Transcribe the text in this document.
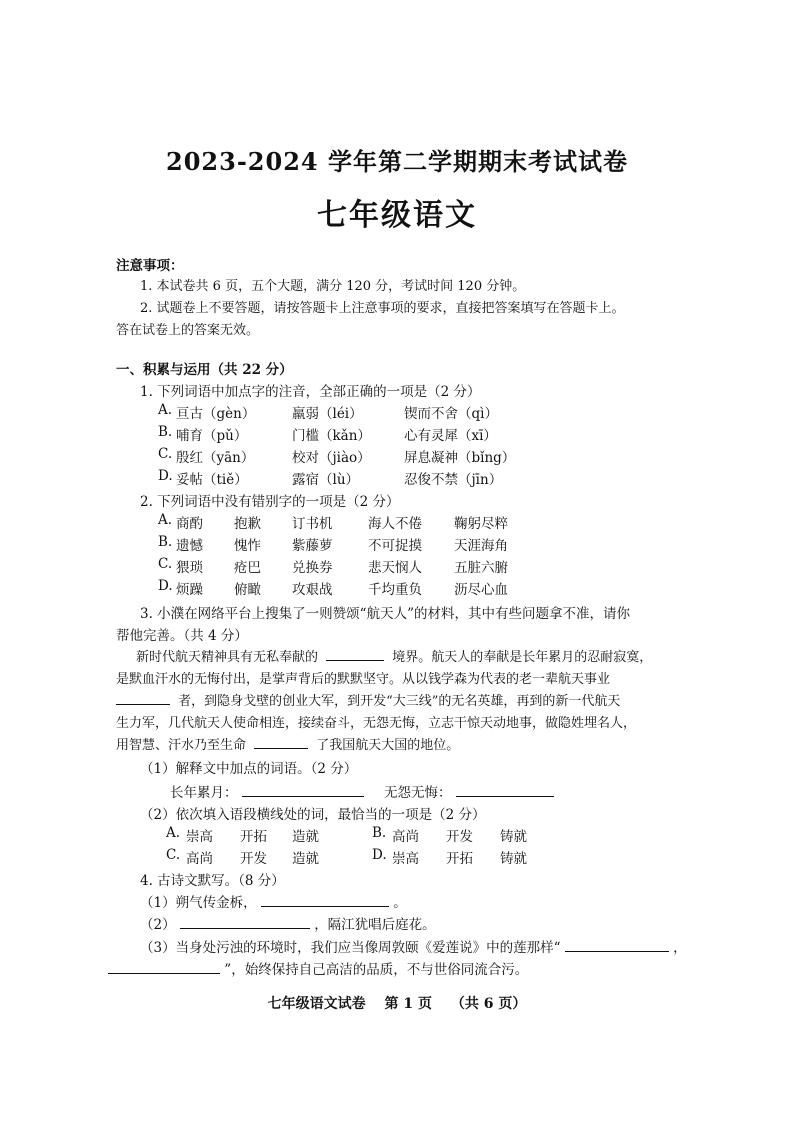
2023-2024 学年第二学期期末考试试卷
七年级语文
注意事项：
1. 本试卷共 6 页，五个大题，满分 120 分，考试时间 120 分钟。
2. 试题卷上不要答题，请按答题卡上注意事项的要求，直接把答案填写在答题卡上。
答在试卷上的答案无效。
一、积累与运用（共 22 分）
1. 下列词语中加点字的注音，全部正确的一项是（2 分）
A. 亘古（gèn）	羸弱（léi）	锲而不舍（qì）
B. 哺育（pǔ）	门槛（kǎn） 心有灵犀（xī）
C. 殷红（yān）	校对（jiào） 屏息凝神（bǐng）
D. 妥帖（tiě）	露宿（lù）	忍俊不禁（jīn）
2. 下列词语中没有错别字的一项是（2 分）
A. 商酌 抱歉 订书机	海人不倦 鞠躬尽粹
B. 遗憾 愧怍 紫藤萝	不可捉摸 天涯海角
C. 猥琐 疮巴 兑换券	悲天悯人 五脏六腑
D. 烦躁 俯瞰 攻艰战	千均重负 沥尽心血
3. 小濮在网络平台上搜集了一则赞颂“航天人”的材料，其中有些问题拿不准，请你
帮他完善。（共 4 分）
新时代航天精神具有无私奉献的	境界。航天人的奉献是长年累月的忍耐寂寞，
是默血汗水的无悔付出，是掌声背后的默默坚守。从以钱学森为代表的老一辈航天事业
者，到隐身戈壁的创业大军，到开发“大三线”的无名英雄，再到的新一代航天
生力军，几代航天人使命相连，接续奋斗，无怨无悔，立志干惊天动地事，做隐姓埋名人，
用智慧、汗水乃至生命	了我国航天大国的地位。
（1）解释文中加点的词语。（2 分）
长年累月：	无怨无悔：
（2）依次填入语段横线处的词，最恰当的一项是（2 分）
A. 崇高 开拓 造就	B. 高尚 开发 铸就
C. 高尚 开发 造就	D. 崇高 开拓 铸就
4. 古诗文默写。（8 分）
（1）朔气传金柝，	。
（2）	，隔江犹唱后庭花。
（3）当身处污浊的环境时，我们应当像周敦颐《爱莲说》中的莲那样“	，
”，始终保持自己高洁的品质，不与世俗同流合污。
七年级语文试卷　 第 1 页　 （共 6 页）
